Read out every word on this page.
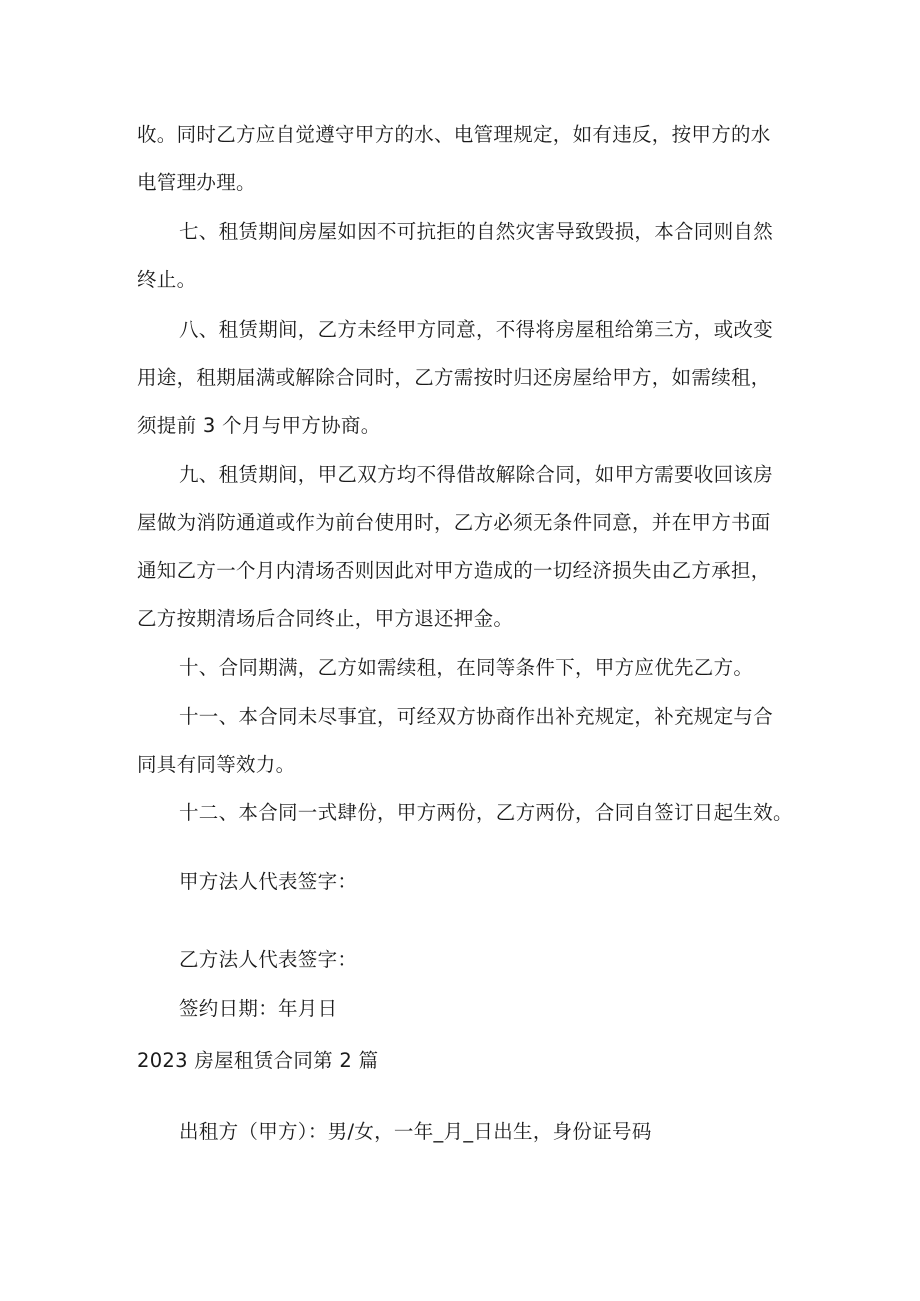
收。同时乙方应自觉遵守甲方的水、电管理规定，如有违反，按甲方的水
电管理办理。
七、租赁期间房屋如因不可抗拒的自然灾害导致毁损，本合同则自然
终止。
八、租赁期间，乙方未经甲方同意，不得将房屋租给第三方，或改变
用途，租期届满或解除合同时，乙方需按时归还房屋给甲方，如需续租，
须提前 3 个月与甲方协商。
九、租赁期间，甲乙双方均不得借故解除合同，如甲方需要收回该房
屋做为消防通道或作为前台使用时，乙方必须无条件同意，并在甲方书面
通知乙方一个月内清场否则因此对甲方造成的一切经济损失由乙方承担，
乙方按期清场后合同终止，甲方退还押金。
十、合同期满，乙方如需续租，在同等条件下，甲方应优先乙方。
十一、本合同未尽事宜，可经双方协商作出补充规定，补充规定与合
同具有同等效力。
十二、本合同一式肆份，甲方两份，乙方两份，合同自签订日起生效。
甲方法人代表签字：
乙方法人代表签字：
签约日期：年月日
2023 房屋租赁合同第 2 篇
出租方（甲方）：男/女，一年_月_日出生，身份证号码
